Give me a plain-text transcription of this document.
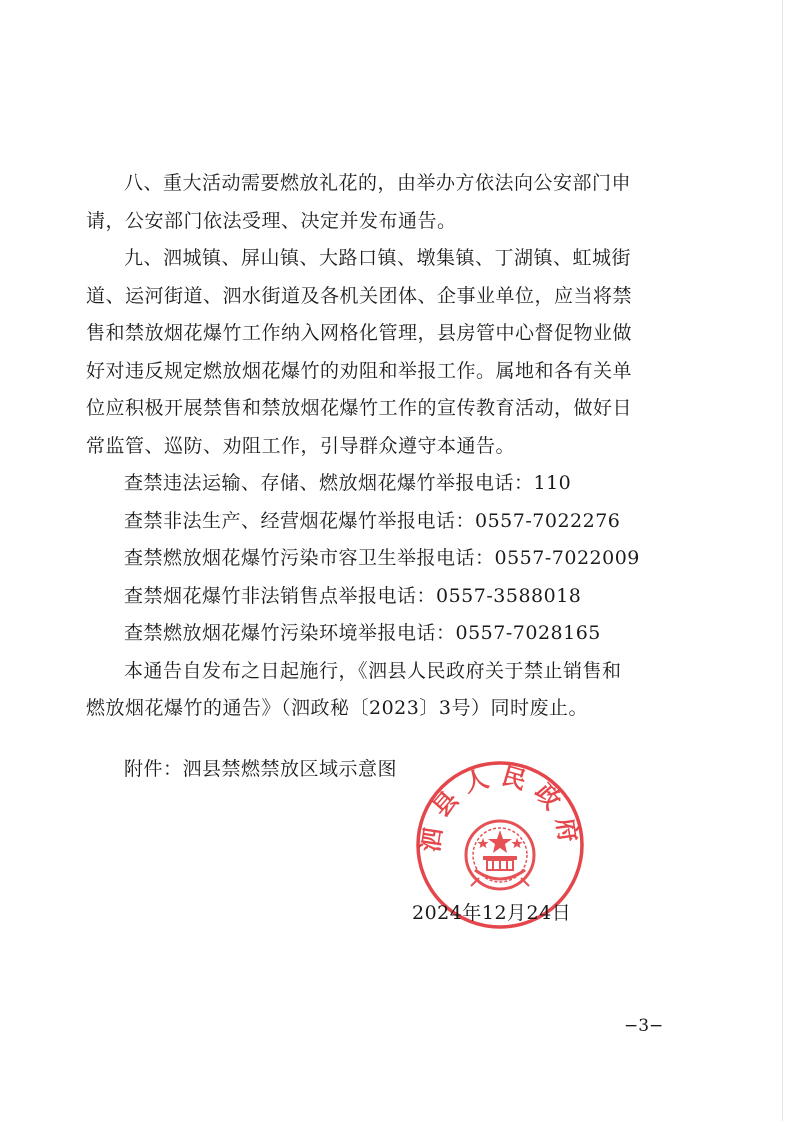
八、重大活动需要燃放礼花的，由举办方依法向公安部门申
请，公安部门依法受理、决定并发布通告。

九、泗城镇、屏山镇、大路口镇、墩集镇、丁湖镇、虹城街
道、运河街道、泗水街道及各机关团体、企事业单位，应当将禁
售和禁放烟花爆竹工作纳入网格化管理，县房管中心督促物业做
好对违反规定燃放烟花爆竹的劝阻和举报工作。属地和各有关单
位应积极开展禁售和禁放烟花爆竹工作的宣传教育活动，做好日
常监管、巡防、劝阻工作，引导群众遵守本通告。

查禁违法运输、存储、燃放烟花爆竹举报电话：110

查禁非法生产、经营烟花爆竹举报电话：0557-7022276

查禁燃放烟花爆竹污染市容卫生举报电话：0557-7022009

查禁烟花爆竹非法销售点举报电话：0557-3588018

查禁燃放烟花爆竹污染环境举报电话：0557-7028165

本通告自发布之日起施行，《泗县人民政府关于禁止销售和
燃放烟花爆竹的通告》（泗政秘〔2023〕3号）同时废止。

附件：泗县禁燃禁放区域示意图
泗县人民政府
2024年12月24日
−3−
